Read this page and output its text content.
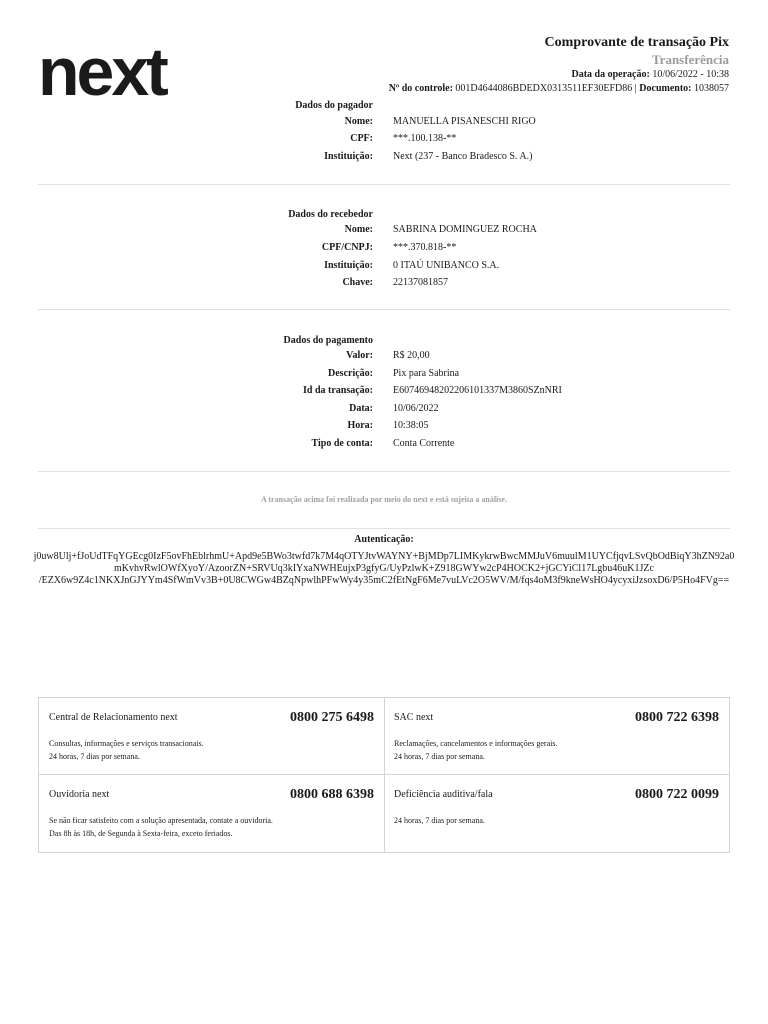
next	Comprovante de transação Pix
Transferência
Data da operação: 10/06/2022 - 10:38
Nº do controle: 001D4644086BDEDX0313511EF30EFD86 | Documento: 1038057
Dados do pagador
Nome: MANUELLA PISANESCHI RIGO
CPF: ***.100.138-**
Instituição: Next (237 - Banco Bradesco S. A.)
Dados do recebedor
Nome: SABRINA DOMINGUEZ ROCHA
CPF/CNPJ: ***.370.818-**
Instituição: 0 ITAÚ UNIBANCO S.A.
Chave: 22137081857
Dados do pagamento
Valor: R$ 20,00
Descrição: Pix para Sabrina
Id da transação: E60746948202206101337M3860SZnNRI
Data: 10/06/2022
Hora: 10:38:05
Tipo de conta: Conta Corrente
A transação acima foi realizada por meio do next e está sujeita a análise.
Autenticação:
j0uw8Ulj+fJoUdTFqYGEcg0IzF5ovFhEblrhmU+Apd9e5BWo3twfd7k7M4qOTYJtvWAYNY+BjMDp7LIMKykrwBwcMMJuV6muulM1UYCfjqvLSvQbOdBiqY3hZN92a0
mKvhvRwlOWfXyoY/AzoorZN+SRVUq3kIYxaNWHEujxP3gfyG/UyPzlwK+Z918GWYw2cP4HOCK2+jGCYiCl17Lgbu46uK1JZc
/EZX6w9Z4c1NKXJnGJYYm4SfWmVv3B+0U8CWGw4BZqNpwlhPFwWy4y35mC2fEtNgF6Me7vuLVc2O5WV/M/fqs4oM3f9kneWsHO4ycyxiJzsoxD6/P5Ho4FVg==
Central de Relacionamento next	0800 275 6498
Consultas, informações e serviços transacionais.
24 horas, 7 dias por semana.
SAC next	0800 722 6398
Reclamações, cancelamentos e informações gerais.
24 horas, 7 dias por semana.
Ouvidoria next	0800 688 6398
Se não ficar satisfeito com a solução apresentada, contate a ouvidoria.
Das 8h às 18h, de Segunda à Sexta-feira, exceto feriados.
Deficiência auditiva/fala	0800 722 0099
24 horas, 7 dias por semana.
